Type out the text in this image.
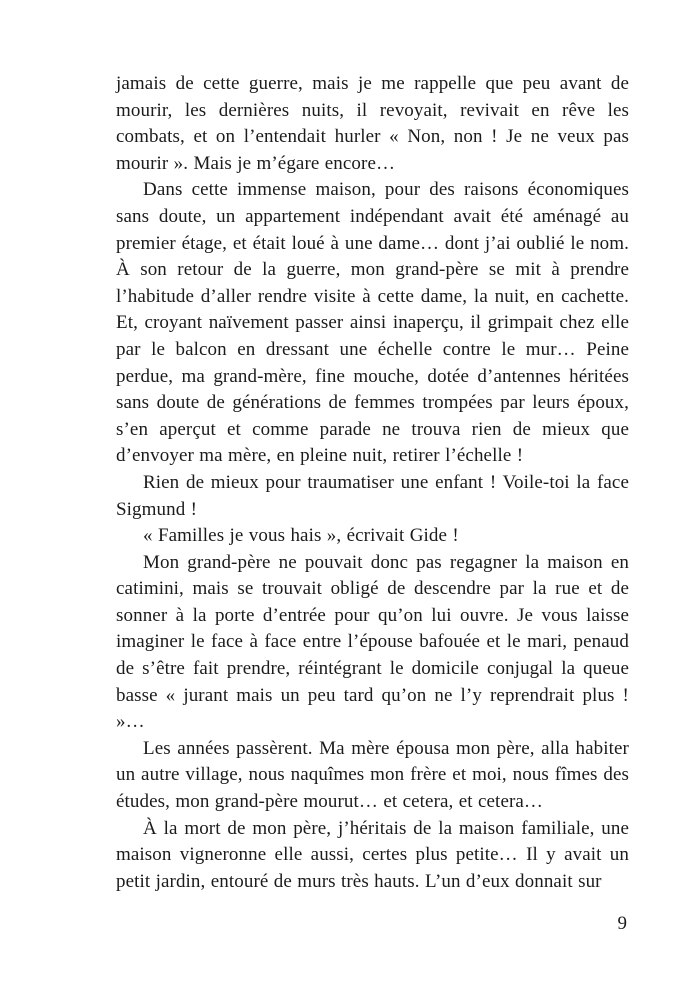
jamais de cette guerre, mais je me rappelle que peu avant de mourir, les dernières nuits, il revoyait, revivait en rêve les combats, et on l’entendait hurler « Non, non ! Je ne veux pas mourir ». Mais je m’égare encore…

Dans cette immense maison, pour des raisons économiques sans doute, un appartement indépendant avait été aménagé au premier étage, et était loué à une dame… dont j’ai oublié le nom. À son retour de la guerre, mon grand-père se mit à prendre l’habitude d’aller rendre visite à cette dame, la nuit, en cachette. Et, croyant naïvement passer ainsi inaperçu, il grimpait chez elle par le balcon en dressant une échelle contre le mur… Peine perdue, ma grand-mère, fine mouche, dotée d’antennes héritées sans doute de générations de femmes trompées par leurs époux, s’en aperçut et comme parade ne trouva rien de mieux que d’envoyer ma mère, en pleine nuit, retirer l’échelle !

Rien de mieux pour traumatiser une enfant ! Voile-toi la face Sigmund !

« Familles je vous hais », écrivait Gide !

Mon grand-père ne pouvait donc pas regagner la maison en catimini, mais se trouvait obligé de descendre par la rue et de sonner à la porte d’entrée pour qu’on lui ouvre. Je vous laisse imaginer le face à face entre l’épouse bafouée et le mari, penaud de s’être fait prendre, réintégrant le domicile conjugal la queue basse « jurant mais un peu tard qu’on ne l’y reprendrait plus ! »…

Les années passèrent. Ma mère épousa mon père, alla habiter un autre village, nous naquîmes mon frère et moi, nous fîmes des études, mon grand-père mourut… et cetera, et cetera…

À la mort de mon père, j’héritais de la maison familiale, une maison vigneronne elle aussi, certes plus petite… Il y avait un petit jardin, entouré de murs très hauts. L’un d’eux donnait sur

9
